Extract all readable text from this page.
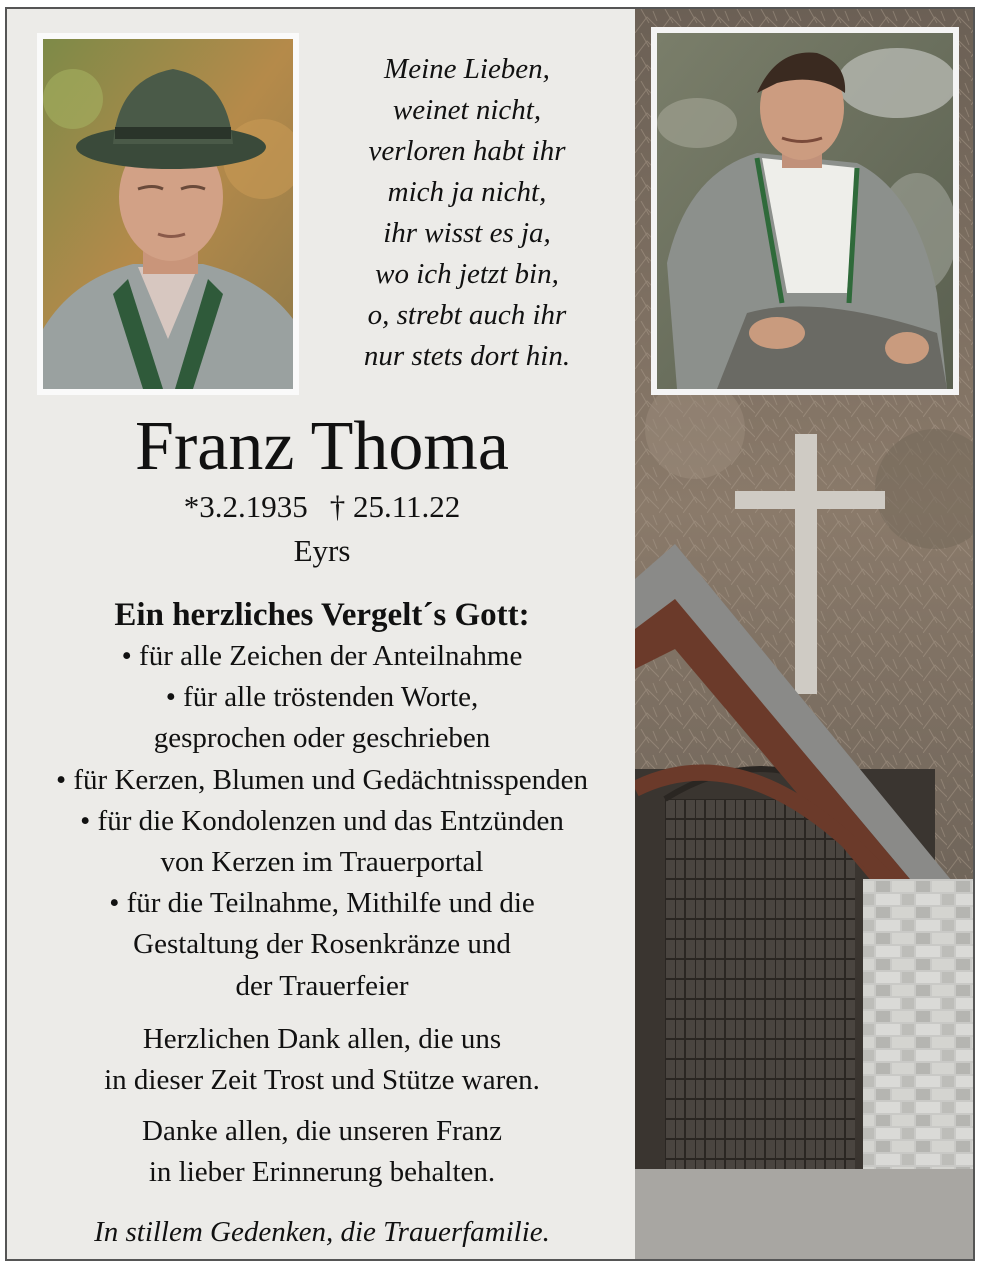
Meine Lieben,
weinet nicht,
verloren habt ihr
mich ja nicht,
ihr wisst es ja,
wo ich jetzt bin,
o, strebt auch ihr
nur stets dort hin.
Franz Thoma
*3.2.1935 † 25.11.22
Eyrs
Ein herzliches Vergelt´s Gott:
• für alle Zeichen der Anteilnahme
• für alle tröstenden Worte,
gesprochen oder geschrieben
• für Kerzen, Blumen und Gedächtnisspenden
• für die Kondolenzen und das Entzünden
von Kerzen im Trauerportal
• für die Teilnahme, Mithilfe und die
Gestaltung der Rosenkränze und
der Trauerfeier
Herzlichen Dank allen, die uns
in dieser Zeit Trost und Stütze waren.
Danke allen, die unseren Franz
in lieber Erinnerung behalten.
In stillem Gedenken, die Trauerfamilie.
